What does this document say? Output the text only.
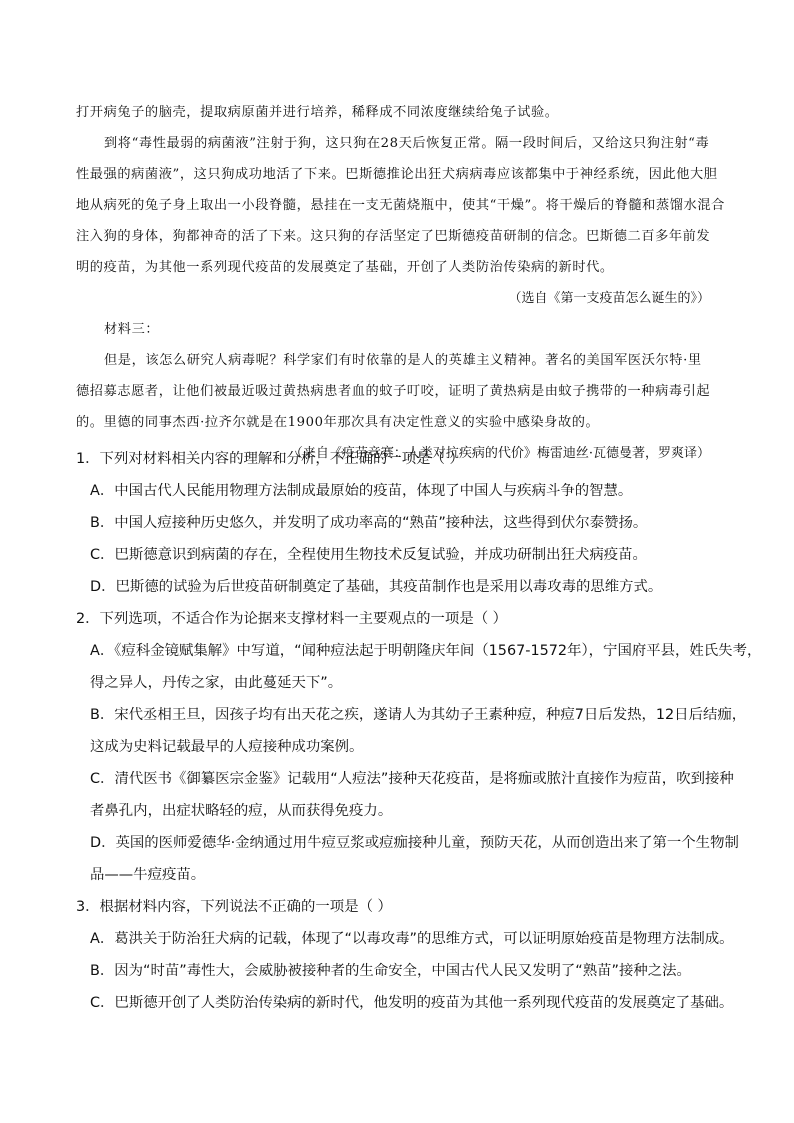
打开病兔子的脑壳，提取病原菌并进行培养，稀释成不同浓度继续给兔子试验。
到将“毒性最弱的病菌液”注射于狗，这只狗在28天后恢复正常。隔一段时间后，又给这只狗注射“毒
性最强的病菌液”，这只狗成功地活了下来。巴斯德推论出狂犬病病毒应该都集中于神经系统，因此他大胆
地从病死的兔子身上取出一小段脊髓，悬挂在一支无菌烧瓶中，使其“干燥”。将干燥后的脊髓和蒸馏水混合
注入狗的身体，狗都神奇的活了下来。这只狗的存活坚定了巴斯德疫苗研制的信念。巴斯德二百多年前发
明的疫苗，为其他一系列现代疫苗的发展奠定了基础，开创了人类防治传染病的新时代。
（选自《第一支疫苗怎么诞生的》）
材料三：
但是，该怎么研究人病毒呢？科学家们有时依靠的是人的英雄主义精神。著名的美国军医沃尔特·里
德招募志愿者，让他们被最近吸过黄热病患者血的蚊子叮咬，证明了黄热病是由蚊子携带的一种病毒引起
的。里德的同事杰西·拉齐尔就是在1900年那次具有决定性意义的实验中感染身故的。
（来自《疫苗竞赛：人类对抗疾病的代价》梅雷迪丝·瓦德曼著，罗爽译）
1．下列对材料相关内容的理解和分析，不正确的一项是（ ）
A．中国古代人民能用物理方法制成最原始的疫苗，体现了中国人与疾病斗争的智慧。
B．中国人痘接种历史悠久，并发明了成功率高的“熟苗”接种法，这些得到伏尔泰赞扬。
C．巴斯德意识到病菌的存在，全程使用生物技术反复试验，并成功研制出狂犬病疫苗。
D．巴斯德的试验为后世疫苗研制奠定了基础，其疫苗制作也是采用以毒攻毒的思维方式。
2．下列选项，不适合作为论据来支撑材料一主要观点的一项是（ ）
A．《痘科金镜赋集解》中写道，“闻种痘法起于明朝隆庆年间（1567-1572年），宁国府平县，姓氏失考，
得之异人，丹传之家，由此蔓延天下”。
B．宋代丞相王旦，因孩子均有出天花之疾，遂请人为其幼子王素种痘，种痘7日后发热，12日后结痂，
这成为史料记载最早的人痘接种成功案例。
C．清代医书《御纂医宗金鉴》记载用“人痘法”接种天花疫苗，是将痂或脓汁直接作为痘苗，吹到接种
者鼻孔内，出症状略轻的痘，从而获得免疫力。
D．英国的医师爱德华·金纳通过用牛痘豆浆或痘痂接种儿童，预防天花，从而创造出来了第一个生物制
品——牛痘疫苗。
3．根据材料内容，下列说法不正确的一项是（ ）
A．葛洪关于防治狂犬病的记载，体现了“以毒攻毒”的思维方式，可以证明原始疫苗是物理方法制成。
B．因为“时苗”毒性大，会威胁被接种者的生命安全，中国古代人民又发明了“熟苗”接种之法。
C．巴斯德开创了人类防治传染病的新时代，他发明的疫苗为其他一系列现代疫苗的发展奠定了基础。
